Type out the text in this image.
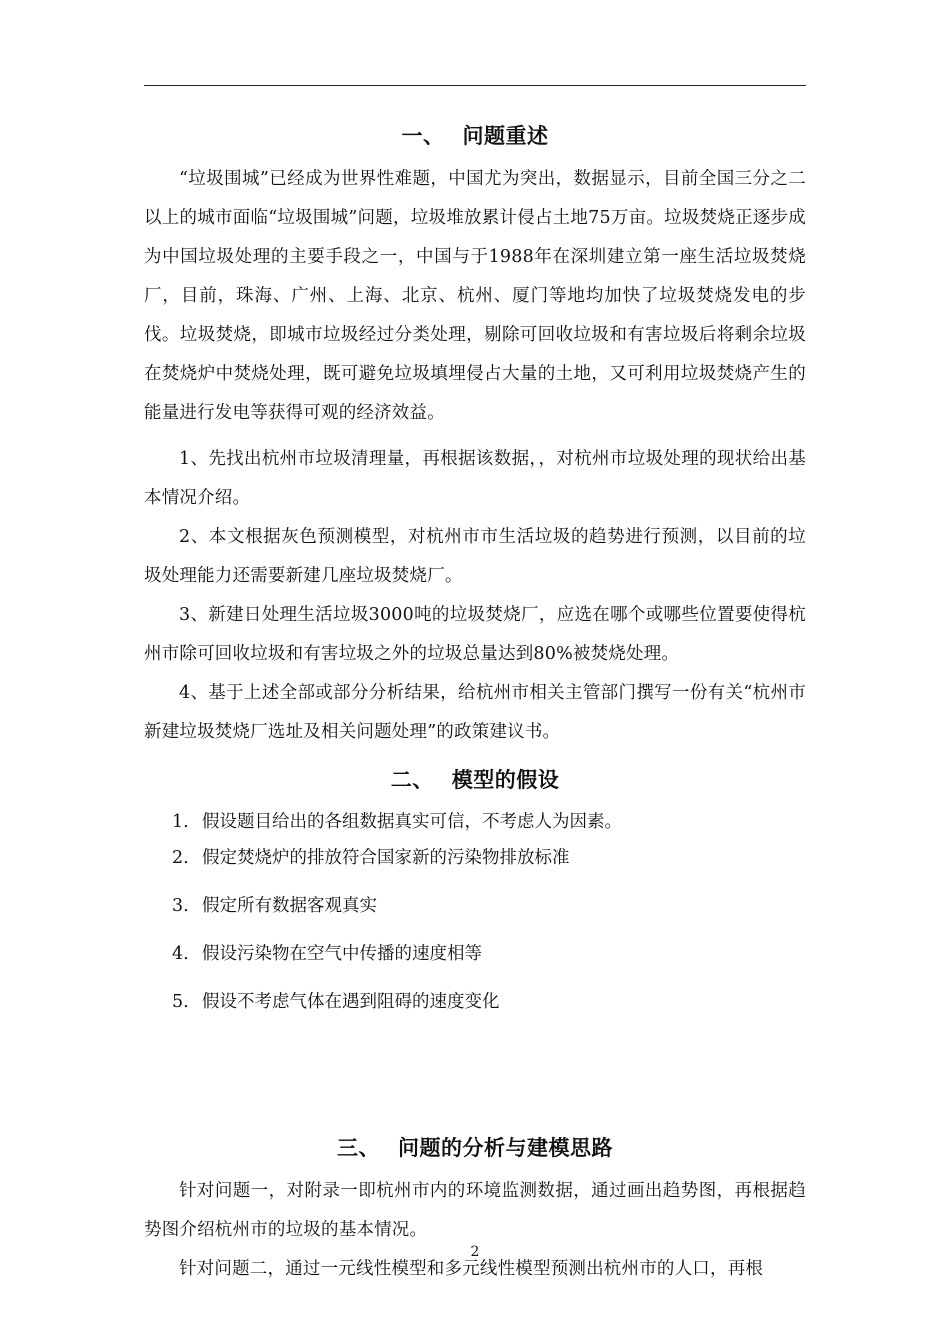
一、 问题重述

“垃圾围城”已经成为世界性难题，中国尤为突出，数据显示，目前全国三分之二以上的城市面临“垃圾围城”问题，垃圾堆放累计侵占土地75万亩。垃圾焚烧正逐步成为中国垃圾处理的主要手段之一，中国与于1988年在深圳建立第一座生活垃圾焚烧厂，目前，珠海、广州、上海、北京、杭州、厦门等地均加快了垃圾焚烧发电的步伐。垃圾焚烧，即城市垃圾经过分类处理，剔除可回收垃圾和有害垃圾后将剩余垃圾在焚烧炉中焚烧处理，既可避免垃圾填埋侵占大量的土地，又可利用垃圾焚烧产生的能量进行发电等获得可观的经济效益。

1、先找出杭州市垃圾清理量，再根据该数据，，对杭州市垃圾处理的现状给出基本情况介绍。

2、本文根据灰色预测模型，对杭州市市生活垃圾的趋势进行预测，以目前的垃圾处理能力还需要新建几座垃圾焚烧厂。

3、新建日处理生活垃圾3000吨的垃圾焚烧厂，应选在哪个或哪些位置要使得杭州市除可回收垃圾和有害垃圾之外的垃圾总量达到80%被焚烧处理。

4、基于上述全部或部分分析结果，给杭州市相关主管部门撰写一份有关“杭州市新建垃圾焚烧厂选址及相关问题处理”的政策建议书。

二、 模型的假设
1. 假设题目给出的各组数据真实可信，不考虑人为因素。
2. 假定焚烧炉的排放符合国家新的污染物排放标准
3. 假定所有数据客观真实
4. 假设污染物在空气中传播的速度相等
5. 假设不考虑气体在遇到阻碍的速度变化
三、 问题的分析与建模思路

针对问题一，对附录一即杭州市内的环境监测数据，通过画出趋势图，再根据趋势图介绍杭州市的垃圾的基本情况。

针对问题二，通过一元线性模型和多元线性模型预测出杭州市的人口，再根

2
